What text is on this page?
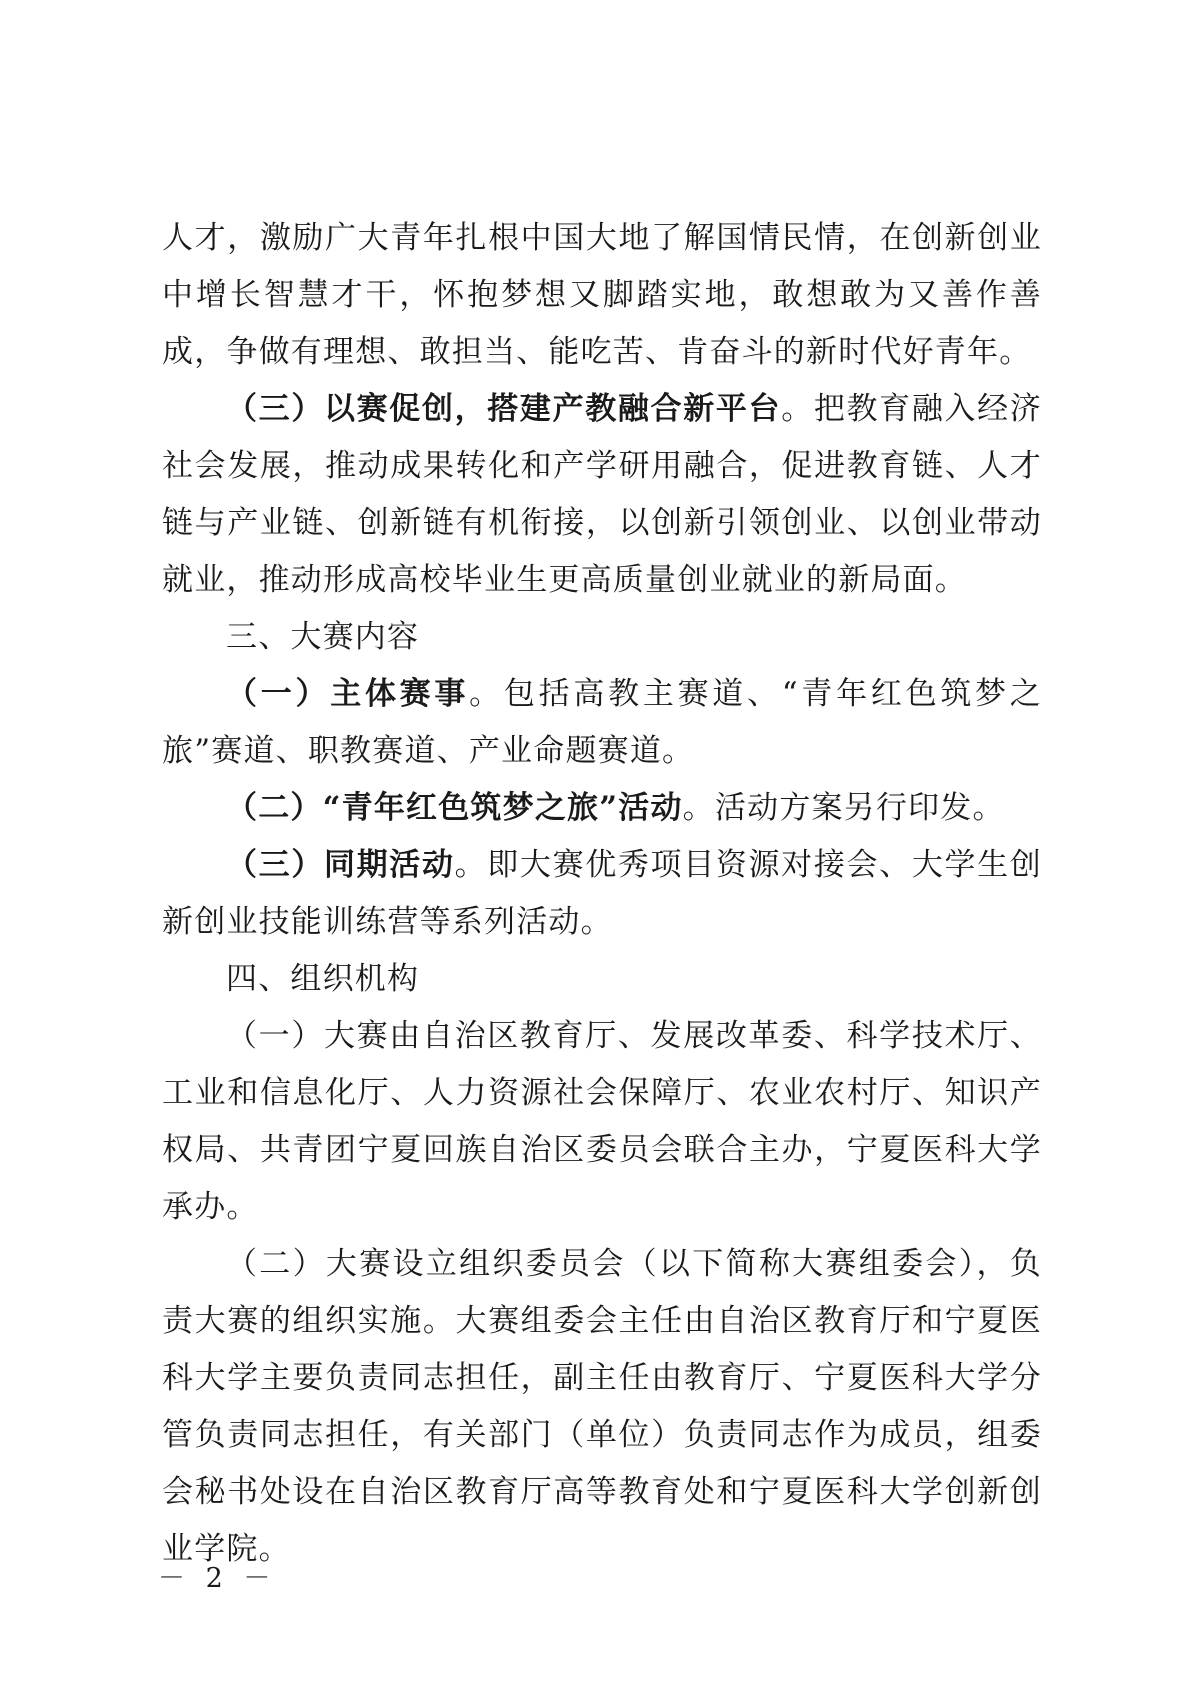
人才，激励广大青年扎根中国大地了解国情民情，在创新创业中增长智慧才干，怀抱梦想又脚踏实地，敢想敢为又善作善成，争做有理想、敢担当、能吃苦、肯奋斗的新时代好青年。

（三）以赛促创，搭建产教融合新平台。把教育融入经济社会发展，推动成果转化和产学研用融合，促进教育链、人才链与产业链、创新链有机衔接，以创新引领创业、以创业带动就业，推动形成高校毕业生更高质量创业就业的新局面。

三、大赛内容

（一）主体赛事。包括高教主赛道、“青年红色筑梦之旅”赛道、职教赛道、产业命题赛道。

（二）“青年红色筑梦之旅”活动。活动方案另行印发。

（三）同期活动。即大赛优秀项目资源对接会、大学生创新创业技能训练营等系列活动。

四、组织机构

（一）大赛由自治区教育厅、发展改革委、科学技术厅、工业和信息化厅、人力资源社会保障厅、农业农村厅、知识产权局、共青团宁夏回族自治区委员会联合主办，宁夏医科大学承办。

（二）大赛设立组织委员会（以下简称大赛组委会），负责大赛的组织实施。大赛组委会主任由自治区教育厅和宁夏医科大学主要负责同志担任，副主任由教育厅、宁夏医科大学分管负责同志担任，有关部门（单位）负责同志作为成员，组委会秘书处设在自治区教育厅高等教育处和宁夏医科大学创新创业学院。

－ 2 －
